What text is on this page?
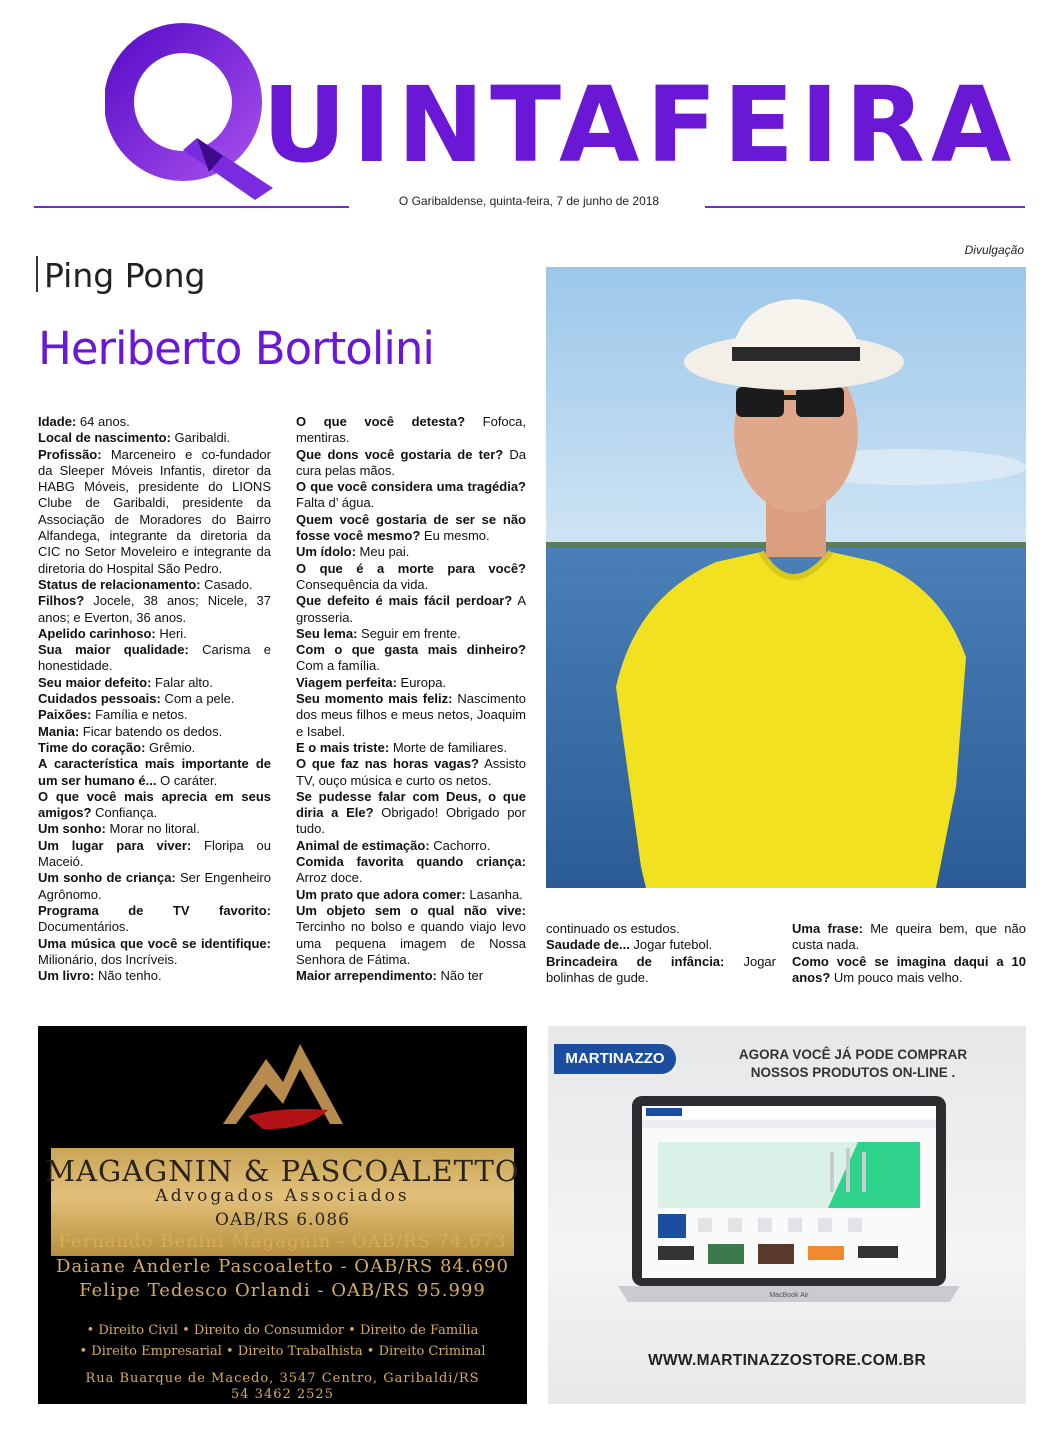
UINTA FEIRA
O Garibaldense, quinta-feira, 7 de junho de 2018
Divulgação
Ping Pong
Heriberto Bortolini

Idade: 64 anos.

Local de nascimento: Garibaldi.

Profissão: Marceneiro e co-fundador da Sleeper Móveis Infantis, diretor da HABG Móveis, presidente do LIONS Clube de Garibaldi, presidente da Associação de Moradores do Bairro Alfandega, integrante da diretoria da CIC no Setor Moveleiro e integrante da diretoria do Hospital São Pedro.

Status de relacionamento: Casado.

Filhos? Jocele, 38 anos; Nicele, 37 anos; e Everton, 36 anos.

Apelido carinhoso: Heri.

Sua maior qualidade: Carisma e honestidade.

Seu maior defeito: Falar alto.

Cuidados pessoais: Com a pele.

Paixões: Família e netos.

Mania: Ficar batendo os dedos.

Time do coração: Grêmio.

A característica mais importante de um ser humano é... O caráter.

O que você mais aprecia em seus amigos? Confiança.

Um sonho: Morar no litoral.

Um lugar para viver: Floripa ou Maceió.

Um sonho de criança: Ser Engenheiro Agrônomo.

Programa de TV favorito: Documentários.

Uma música que você se identifique: Milionário, dos Incríveis.

Um livro: Não tenho.

O que você detesta? Fofoca, mentiras.

Que dons você gostaria de ter? Da cura pelas mãos.

O que você considera uma tragédia? Falta d’ água.

Quem você gostaria de ser se não fosse você mesmo? Eu mesmo.

Um ídolo: Meu pai.

O que é a morte para você? Consequência da vida.

Que defeito é mais fácil perdoar? A grosseria.

Seu lema: Seguir em frente.

Com o que gasta mais dinheiro? Com a família.

Viagem perfeita: Europa.

Seu momento mais feliz: Nascimento dos meus filhos e meus netos, Joaquim e Isabel.

E o mais triste: Morte de familiares.

O que faz nas horas vagas? Assisto TV, ouço música e curto os netos.

Se pudesse falar com Deus, o que diria a Ele? Obrigado! Obrigado por tudo.

Animal de estimação: Cachorro.

Comida favorita quando criança: Arroz doce.

Um prato que adora comer: Lasanha.

Um objeto sem o qual não vive: Tercinho no bolso e quando viajo levo uma pequena imagem de Nossa Senhora de Fátima.

Maior arrependimento: Não ter

continuado os estudos.

Saudade de... Jogar futebol.

Brincadeira de infância: Jogar bolinhas de gude.

Uma frase: Me queira bem, que não custa nada.

Como você se imagina daqui a 10 anos? Um pouco mais velho.

MAGAGNIN & PASCOALETTO
Advogados Associados
OAB/RS 6.086
Fernando Benini Magagnin - OAB/RS 74.673
Daiane Anderle Pascoaletto - OAB/RS 84.690
Felipe Tedesco Orlandi - OAB/RS 95.999
• Direito Civil • Direito do Consumidor • Direito de Família
• Direito Empresarial • Direito Trabalhista • Direito Criminal
Rua Buarque de Macedo, 3547 Centro, Garibaldi/RS
54 3462 2525
MARTINAZZO	AGORA VOCÊ JÁ PODE COMPRAR
NOSSOS PRODUTOS ON-LINE .
MacBook Air
WWW.MARTINAZZOSTORE.COM.BR
